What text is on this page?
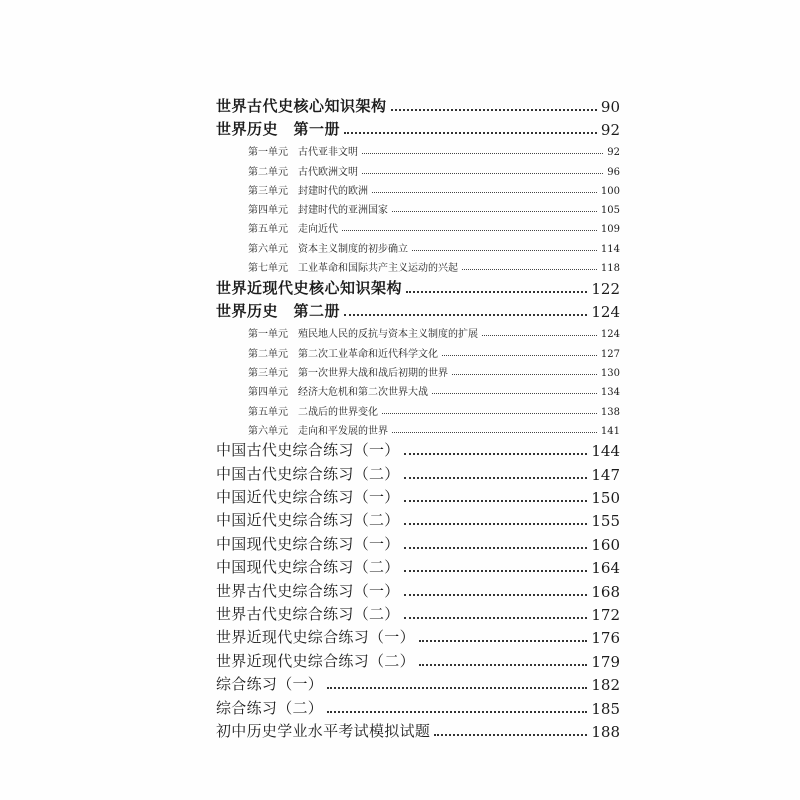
世界古代史核心知识架构	90
世界历史　第一册	92
第一单元 古代亚非文明	92
第二单元 古代欧洲文明	96
第三单元 封建时代的欧洲	100
第四单元 封建时代的亚洲国家	105
第五单元 走向近代	109
第六单元 资本主义制度的初步确立	114
第七单元 工业革命和国际共产主义运动的兴起	118
世界近现代史核心知识架构	122
世界历史　第二册	124
第一单元 殖民地人民的反抗与资本主义制度的扩展	124
第二单元 第二次工业革命和近代科学文化	127
第三单元 第一次世界大战和战后初期的世界	130
第四单元 经济大危机和第二次世界大战	134
第五单元 二战后的世界变化	138
第六单元 走向和平发展的世界	141
中国古代史综合练习（一）	144
中国古代史综合练习（二）	147
中国近代史综合练习（一）	150
中国近代史综合练习（二）	155
中国现代史综合练习（一）	160
中国现代史综合练习（二）	164
世界古代史综合练习（一）	168
世界古代史综合练习（二）	172
世界近现代史综合练习（一）	176
世界近现代史综合练习（二）	179
综合练习（一）	182
综合练习（二）	185
初中历史学业水平考试模拟试题	188
